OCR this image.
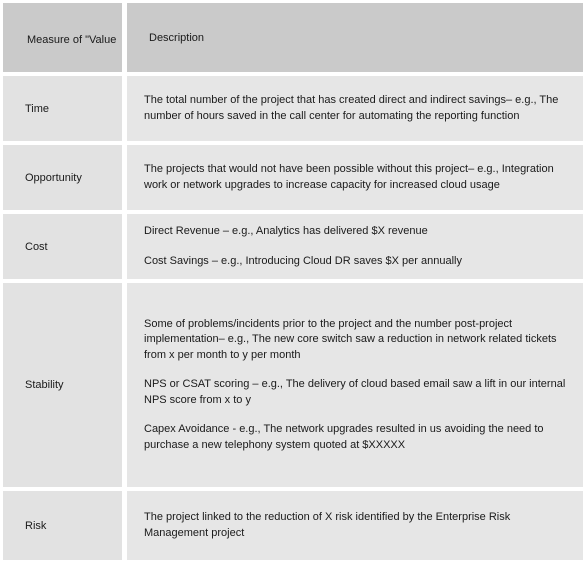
Measure of "Value	Description
Time

The total number of the project that has created direct and indirect savings– e.g., The number of hours saved in the call center for automating the reporting function

Opportunity

The projects that would not have been possible without this project– e.g., Integration work or network upgrades to increase capacity for increased cloud usage

Cost

Direct Revenue – e.g., Analytics has delivered $X revenue

Cost Savings – e.g., Introducing Cloud DR saves $X per annually

Stability

Some of problems/incidents prior to the project and the number post-project implementation– e.g., The new core switch saw a reduction in network related tickets from x per month to y per month

NPS or CSAT scoring – e.g., The delivery of cloud based email saw a lift in our internal NPS score from x to y

Capex Avoidance - e.g., The network upgrades resulted in us avoiding the need to purchase a new telephony system quoted at $XXXXX

Risk

The project linked to the reduction of X risk identified by the Enterprise Risk Management project
